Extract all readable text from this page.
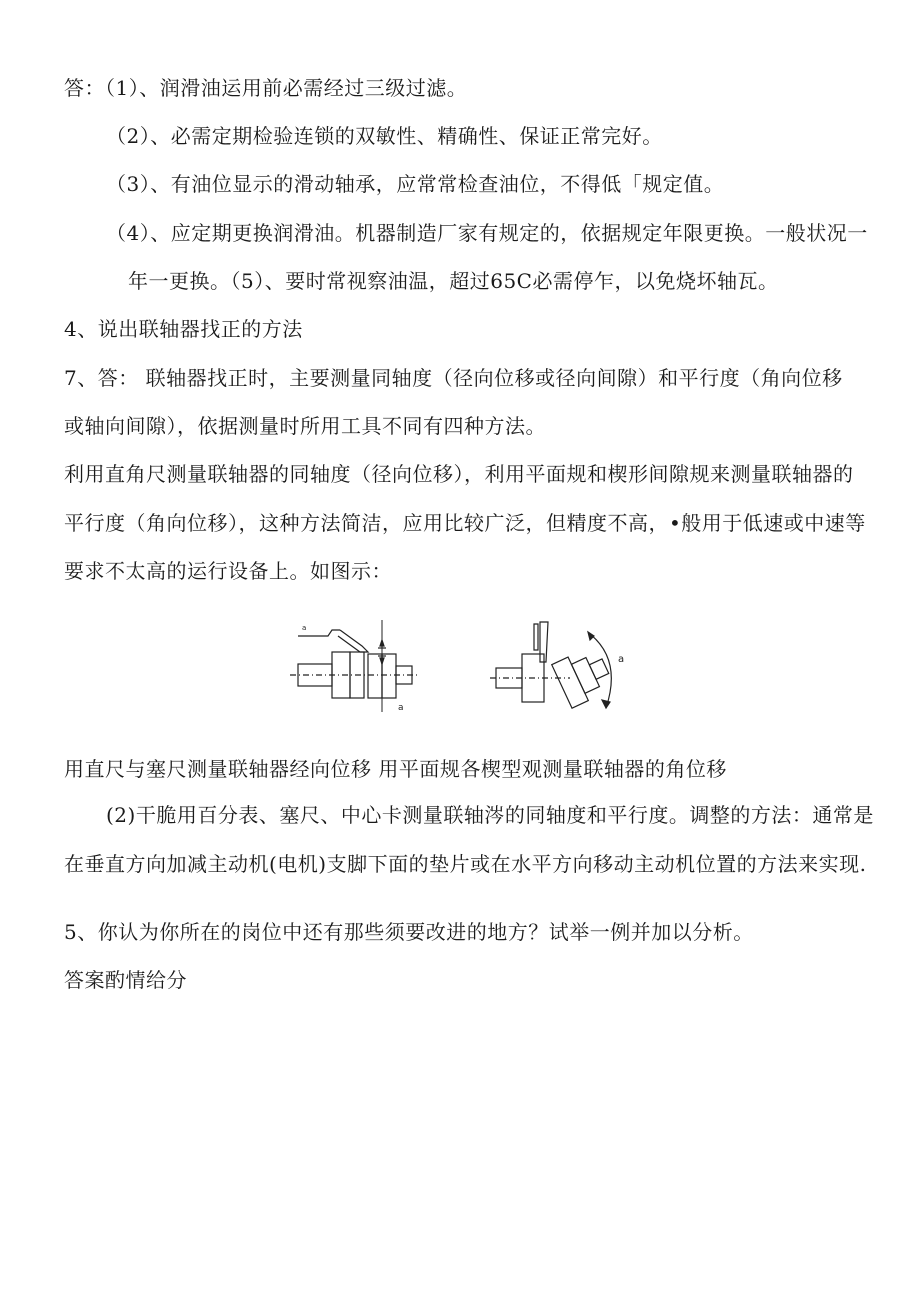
答：（1）、润滑油运用前必需经过三级过滤。
（2）、必需定期检验连锁的双敏性、精确性、保证正常完好。
（3）、有油位显示的滑动轴承，应常常检查油位，不得低「规定值。
（4）、应定期更换润滑油。机器制造厂家有规定的，依据规定年限更换。一般状况一
年一更换。（5）、要时常视察油温，超过65C必需停乍，以免烧坏轴瓦。
4、说出联轴器找正的方法
7、答： 联轴器找正时，主要测量同轴度（径向位移或径向间隙）和平行度（角向位移
或轴向间隙），依据测量时所用工具不同有四种方法。
利用直角尺测量联轴器的同轴度（径向位移），利用平面规和楔形间隙规来测量联轴器的
平行度（角向位移），这种方法简洁，应用比较广泛，但精度不高，•般用于低速或中速等
要求不太高的运行设备上。如图示：
a
a
a
用直尺与塞尺测量联轴器经向位移 用平面规各楔型观测量联轴器的角位移
(2)干脆用百分表、塞尺、中心卡测量联轴涔的同轴度和平行度。调整的方法：通常是
在垂直方向加减主动机(电机)支脚下面的垫片或在水平方向移动主动机位置的方法来实现.
5、你认为你所在的岗位中还有那些须要改进的地方？试举一例并加以分析。
答案酌情给分
